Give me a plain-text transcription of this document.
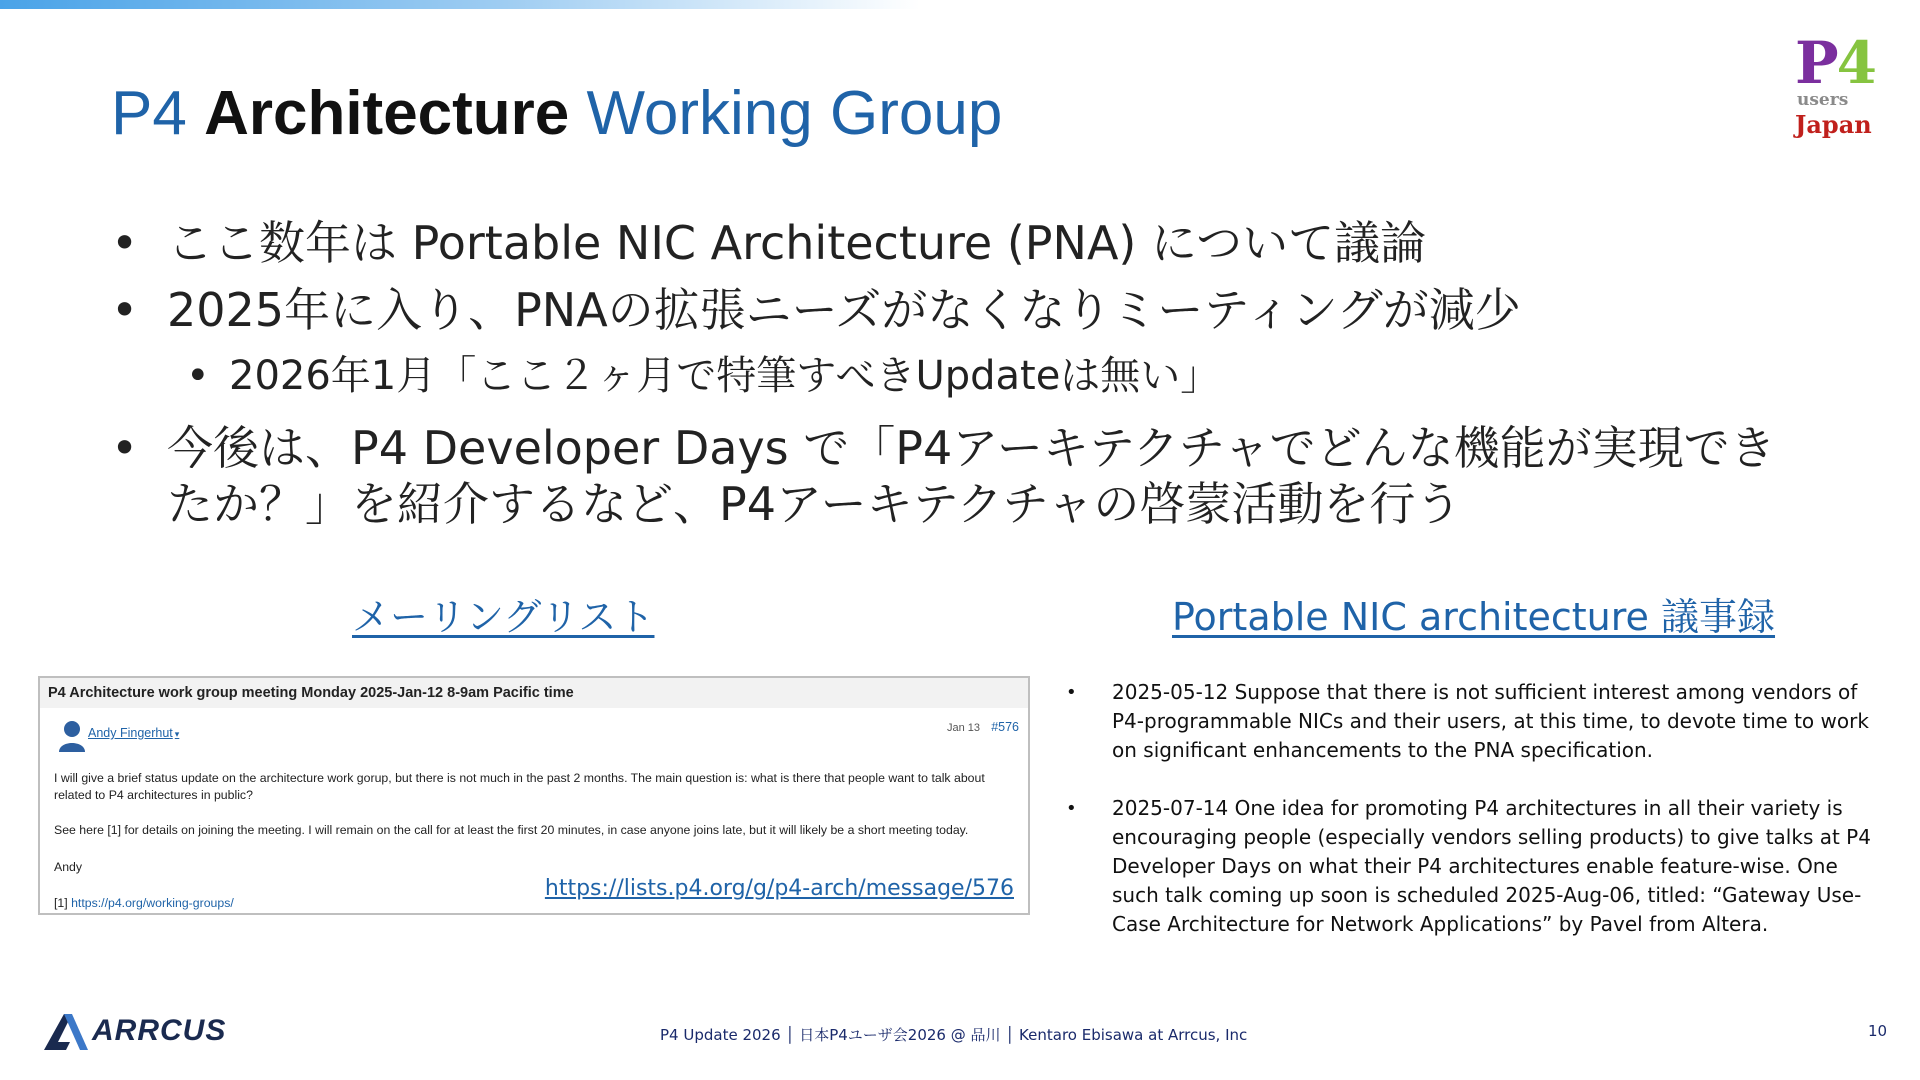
P4 Architecture Working Group
P4
users
Japan
• ここ数年は Portable NIC Architecture (PNA) について議論
• 2025年に入り、PNAの拡張ニーズがなくなりミーティングが減少
• 2026年1月「ここ２ヶ月で特筆すべきUpdateは無い」
• 今後は、P4 Developer Days で「P4アーキテクチャでどんな機能が実現でき
たか？」を紹介するなど、P4アーキテクチャの啓蒙活動を行う
メーリングリスト	Portable NIC architecture 議事録
P4 Architecture work group meeting Monday 2025-Jan-12 8-9am Pacific time
Andy Fingerhut ▾	Jan 13 #576
I will give a brief status update on the architecture work gorup, but there is not much in the past 2 months. The main question is: what is there that people want to talk about related to P4 architectures in public?
See here [1] for details on joining the meeting. I will remain on the call for at least the first 20 minutes, in case anyone joins late, but it will likely be a short meeting today.
Andy
[1] https://p4.org/working-groups/
https://lists.p4.org/g/p4-arch/message/576

• 2025-05-12 Suppose that there is not sufficient interest among vendors of P4-programmable NICs and their users, at this time, to devote time to work on significant enhancements to the PNA specification.

• 2025-07-14 One idea for promoting P4 architectures in all their variety is encouraging people (especially vendors selling products) to give talks at P4 Developer Days on what their P4 architectures enable feature-wise. One such talk coming up soon is scheduled 2025-Aug-06, titled: “Gateway Use-Case Architecture for Network Applications” by Pavel from Altera.

ARRCUS	P4 Update 2026 │ 日本P4ユーザ会2026 @ 品川 │ Kentaro Ebisawa at Arrcus, Inc	10
